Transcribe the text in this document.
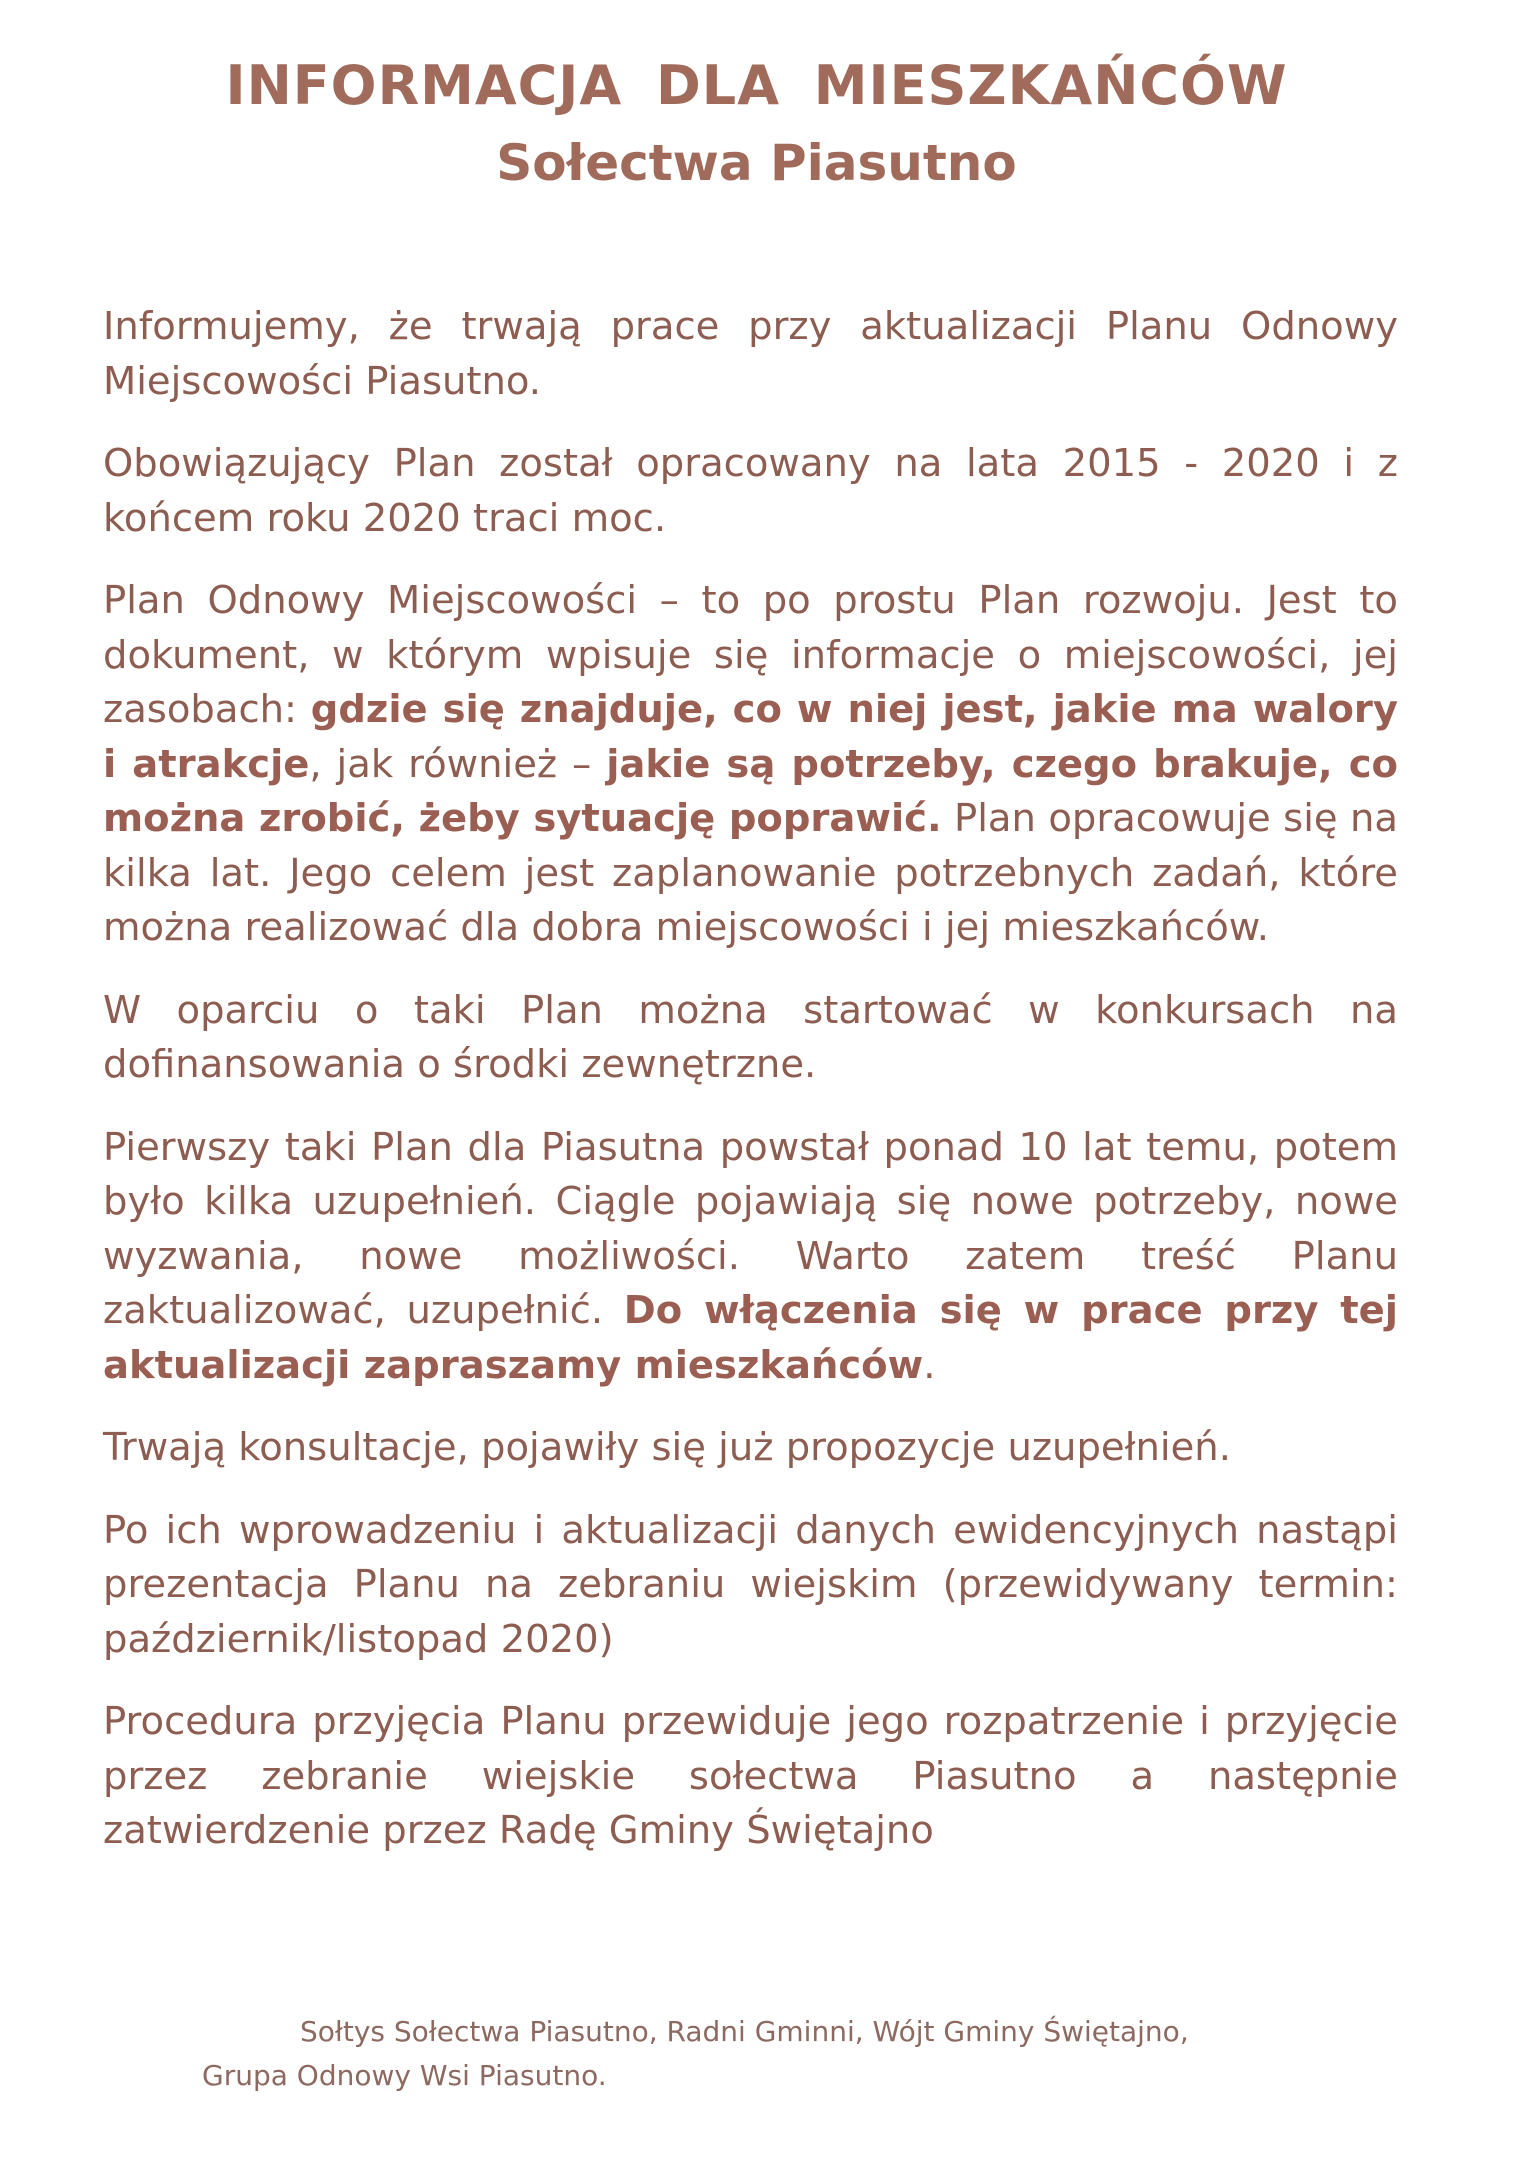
INFORMACJA DLA MIESZKAŃCÓW
Sołectwa Piasutno

Informujemy, że trwają prace przy aktualizacji Planu Odnowy Miejscowości Piasutno.

Obowiązujący Plan został opracowany na lata 2015 - 2020 i z końcem roku 2020 traci moc.

Plan Odnowy Miejscowości – to po prostu Plan rozwoju. Jest to dokument, w którym wpisuje się informacje o miejscowości, jej zasobach: gdzie się znajduje, co w niej jest, jakie ma walory i atrakcje, jak również – jakie są potrzeby, czego brakuje, co można zrobić, żeby sytuację poprawić. Plan opracowuje się na kilka lat. Jego celem jest zaplanowanie potrzebnych zadań, które można realizować dla dobra miejscowości i jej mieszkańców.

W oparciu o taki Plan można startować w konkursach na dofinansowania o środki zewnętrzne.

Pierwszy taki Plan dla Piasutna powstał ponad 10 lat temu, potem było kilka uzupełnień. Ciągle pojawiają się nowe potrzeby, nowe wyzwania, nowe możliwości. Warto zatem treść Planu zaktualizować, uzupełnić. Do włączenia się w prace przy tej aktualizacji zapraszamy mieszkańców.

Trwają konsultacje, pojawiły się już propozycje uzupełnień.

Po ich wprowadzeniu i aktualizacji danych ewidencyjnych nastąpi prezentacja Planu na zebraniu wiejskim (przewidywany termin: październik/listopad 2020)

Procedura przyjęcia Planu przewiduje jego rozpatrzenie i przyjęcie przez zebranie wiejskie sołectwa Piasutno a następnie zatwierdzenie przez Radę Gminy Świętajno

Sołtys Sołectwa Piasutno, Radni Gminni, Wójt Gminy Świętajno,
Grupa Odnowy Wsi Piasutno.
